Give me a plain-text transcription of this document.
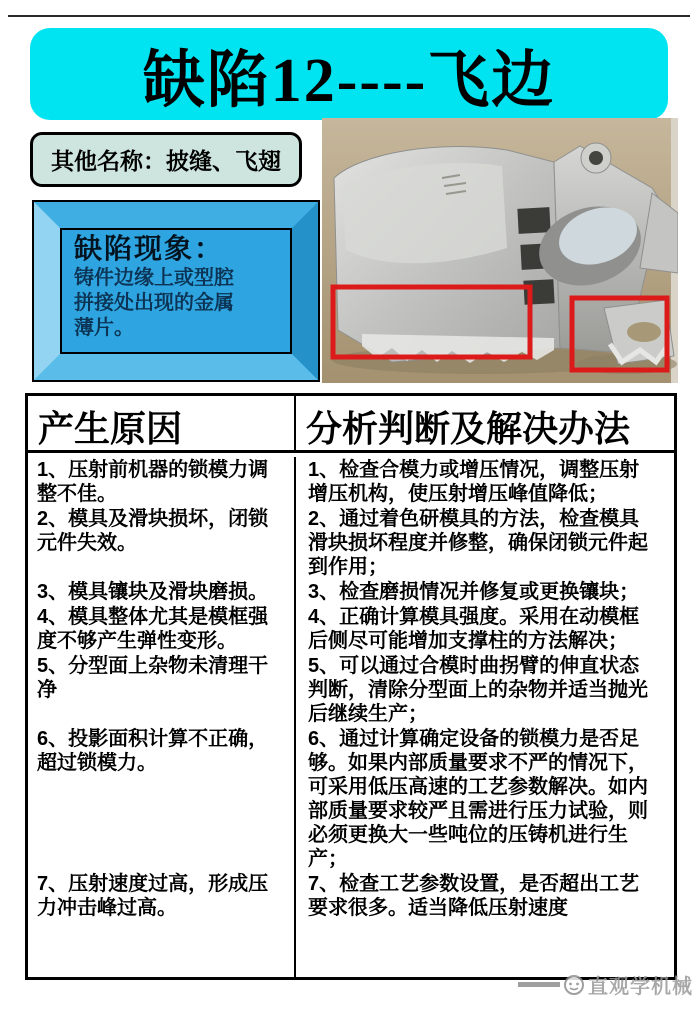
缺陷12----飞边
其他名称：披缝、飞翅
缺陷现象：
铸件边缘上或型腔拼接处出现的金属薄片。
产生原因	分析判断及解决办法
1、压射前机器的锁模力调整不佳。
1、检查合模力或增压情况，调整压射增压机构，使压射增压峰值降低；
2、模具及滑块损坏，闭锁元件失效。
2、通过着色研模具的方法，检查模具滑块损坏程度并修整，确保闭锁元件起到作用；
3、模具镶块及滑块磨损。	3、检查磨损情况并修复或更换镶块；
4、模具整体尤其是模框强度不够产生弹性变形。
4、正确计算模具强度。采用在动模框后侧尽可能增加支撑柱的方法解决；
5、分型面上杂物未清理干净
5、可以通过合模时曲拐臂的伸直状态判断，清除分型面上的杂物并适当抛光后继续生产；
6、投影面积计算不正确，超过锁模力。
6、通过计算确定设备的锁模力是否足够。如果内部质量要求不严的情况下，可采用低压高速的工艺参数解决。如内部质量要求较严且需进行压力试验，则必须更换大一些吨位的压铸机进行生产；
7、压射速度过高，形成压力冲击峰过高。
7、检查工艺参数设置，是否超出工艺要求很多。适当降低压射速度
直观学机械
